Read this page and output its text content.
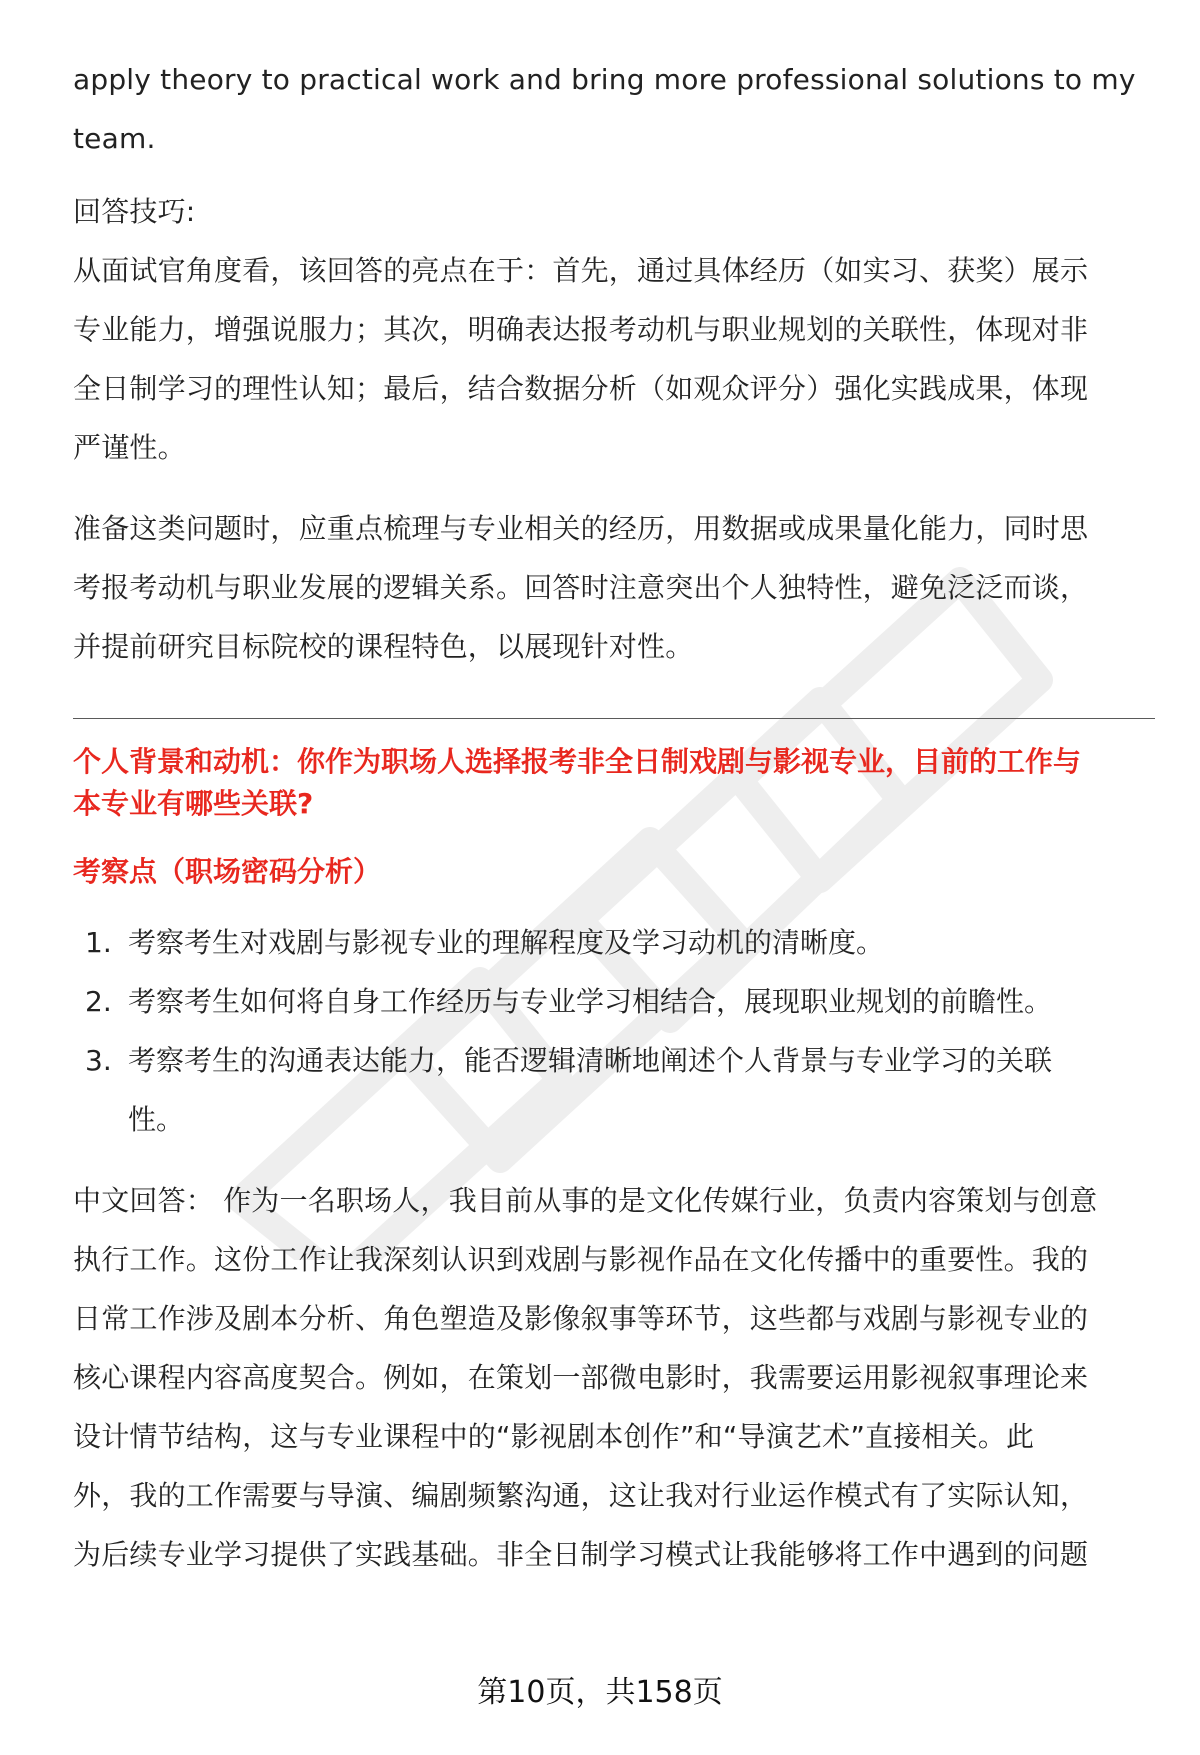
apply theory to practical work and bring more professional solutions to my

team.

回答技巧:

从面试官角度看，该回答的亮点在于：首先，通过具体经历（如实习、获奖）展示

专业能力，增强说服力；其次，明确表达报考动机与职业规划的关联性，体现对非

全日制学习的理性认知；最后，结合数据分析（如观众评分）强化实践成果，体现

严谨性。

准备这类问题时，应重点梳理与专业相关的经历，用数据或成果量化能力，同时思

考报考动机与职业发展的逻辑关系。回答时注意突出个人独特性，避免泛泛而谈，

并提前研究目标院校的课程特色，以展现针对性。

个人背景和动机：你作为职场人选择报考非全日制戏剧与影视专业，目前的工作与

本专业有哪些关联?

考察点（职场密码分析）

1. 考察考生对戏剧与影视专业的理解程度及学习动机的清晰度。
2. 考察考生如何将自身工作经历与专业学习相结合，展现职业规划的前瞻性。
3. 考察考生的沟通表达能力，能否逻辑清晰地阐述个人背景与专业学习的关联
性。

中文回答： 作为一名职场人，我目前从事的是文化传媒行业，负责内容策划与创意

执行工作。这份工作让我深刻认识到戏剧与影视作品在文化传播中的重要性。我的

日常工作涉及剧本分析、角色塑造及影像叙事等环节，这些都与戏剧与影视专业的

核心课程内容高度契合。例如，在策划一部微电影时，我需要运用影视叙事理论来

设计情节结构，这与专业课程中的“影视剧本创作”和“导演艺术”直接相关。此

外，我的工作需要与导演、编剧频繁沟通，这让我对行业运作模式有了实际认知，

为后续专业学习提供了实践基础。非全日制学习模式让我能够将工作中遇到的问题

第10页，共158页
